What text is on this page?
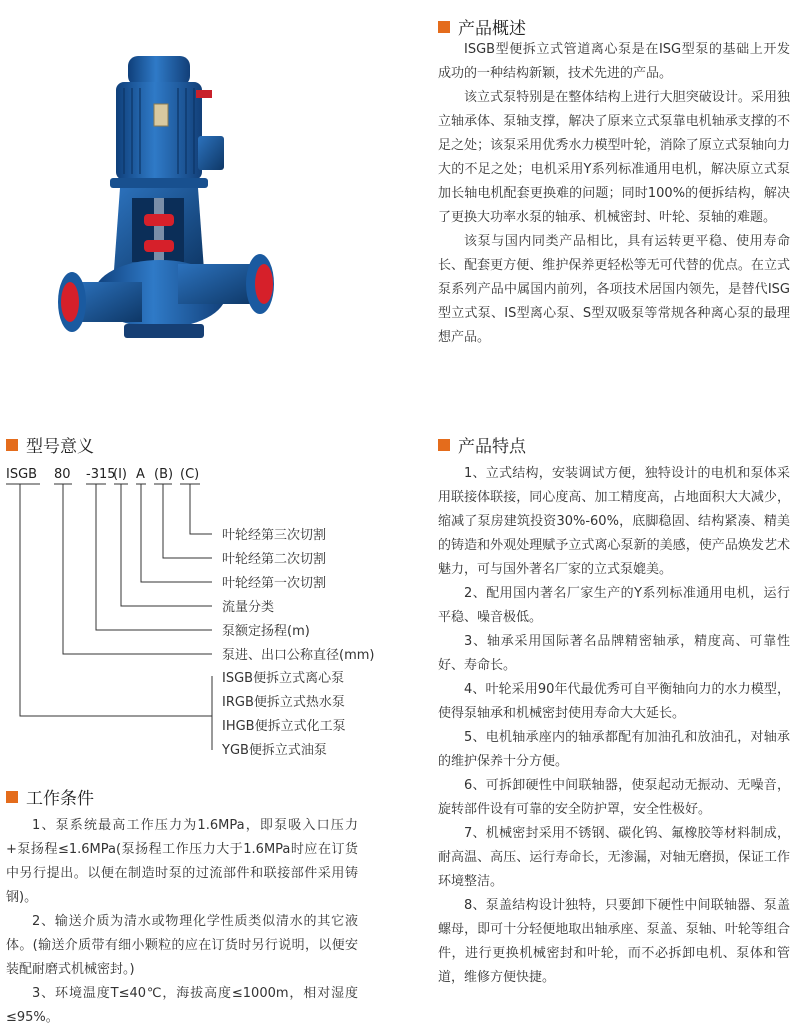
产品概述

ISGB型便拆立式管道离心泵是在ISG型泵的基础上开发成功的一种结构新颖，技术先进的产品。

该立式泵特别是在整体结构上进行大胆突破设计。采用独立轴承体、泵轴支撑，解决了原来立式泵靠电机轴承支撑的不足之处；该泵采用优秀水力模型叶轮，消除了原立式泵轴向力大的不足之处；电机采用Y系列标准通用电机，解决原立式泵加长轴电机配套更换难的问题；同时100%的便拆结构，解决了更换大功率水泵的轴承、机械密封、叶轮、泵轴的难题。

该泵与国内同类产品相比，具有运转更平稳、使用寿命长、配套更方便、维护保养更轻松等无可代替的优点。在立式泵系列产品中属国内前列，各项技术居国内领先，是替代ISG型立式泵、IS型离心泵、S型双吸泵等常规各种离心泵的最理想产品。

型号意义
ISGB 80 -315
(I) A (B) (C)
叶轮经第三次切割
叶轮经第二次切割
叶轮经第一次切割
流量分类
泵额定扬程(m)
泵进、出口公称直径(mm)
ISGB便拆立式离心泵
IRGB便拆立式热水泵
IHGB便拆立式化工泵
YGB便拆立式油泵
产品特点

1、立式结构，安装调试方便，独特设计的电机和泵体采用联接体联接，同心度高、加工精度高，占地面积大大减少，缩减了泵房建筑投资30%-60%，底脚稳固、结构紧凑、精美的铸造和外观处理赋予立式离心泵新的美感，使产品焕发艺术魅力，可与国外著名厂家的立式泵媲美。

2、配用国内著名厂家生产的Y系列标准通用电机，运行平稳、噪音极低。

3、轴承采用国际著名品牌精密轴承，精度高、可靠性好、寿命长。

4、叶轮采用90年代最优秀可自平衡轴向力的水力模型，使得泵轴承和机械密封使用寿命大大延长。

5、电机轴承座内的轴承都配有加油孔和放油孔，对轴承的维护保养十分方便。

6、可拆卸硬性中间联轴器，使泵起动无振动、无噪音，旋转部件设有可靠的安全防护罩，安全性极好。

7、机械密封采用不锈钢、碳化钨、氟橡胶等材料制成，耐高温、高压、运行寿命长，无渗漏，对轴无磨损，保证工作环境整洁。

8、泵盖结构设计独特，只要卸下硬性中间联轴器、泵盖螺母，即可十分轻便地取出轴承座、泵盖、泵轴、叶轮等组合件，进行更换机械密封和叶轮，而不必拆卸电机、泵体和管道，维修方便快捷。

工作条件

1、泵系统最高工作压力为1.6MPa，即泵吸入口压力+泵扬程≤1.6MPa(泵扬程工作压力大于1.6MPa时应在订货中另行提出。以便在制造时泵的过流部件和联接部件采用铸钢)。

2、输送介质为清水或物理化学性质类似清水的其它液体。(输送介质带有细小颗粒的应在订货时另行说明，以便安装配耐磨式机械密封。)

3、环境温度T≤40℃，海拔高度≤1000m，相对湿度≤95%。
